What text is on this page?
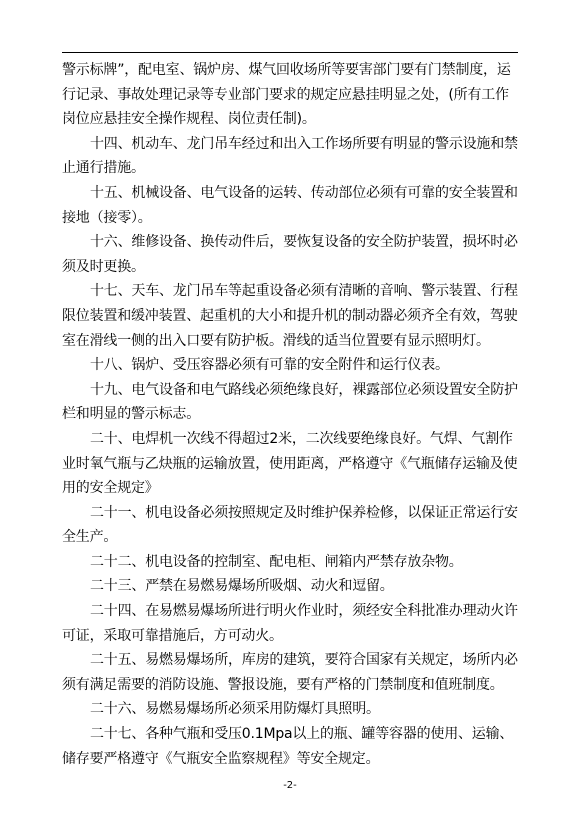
警示标牌”，配电室、锅炉房、煤气回收场所等要害部门要有门禁制度，运行记录、事故处理记录等专业部门要求的规定应悬挂明显之处，(所有工作岗位应悬挂安全操作规程、岗位责任制)。

十四、机动车、龙门吊车经过和出入工作场所要有明显的警示设施和禁止通行措施。

十五、机械设备、电气设备的运转、传动部位必须有可靠的安全装置和接地（接零）。

十六、维修设备、换传动件后，要恢复设备的安全防护装置，损坏时必须及时更换。

十七、天车、龙门吊车等起重设备必须有清晰的音响、警示装置、行程限位装置和缓冲装置、起重机的大小和提升机的制动器必须齐全有效，驾驶室在滑线一侧的出入口要有防护板。滑线的适当位置要有显示照明灯。

十八、锅炉、受压容器必须有可靠的安全附件和运行仪表。

十九、电气设备和电气路线必须绝缘良好，裸露部位必须设置安全防护栏和明显的警示标志。

二十、电焊机一次线不得超过2米，二次线要绝缘良好。气焊、气割作业时氧气瓶与乙炔瓶的运输放置，使用距离，严格遵守《气瓶储存运输及使用的安全规定》

二十一、机电设备必须按照规定及时维护保养检修，以保证正常运行安全生产。

二十二、机电设备的控制室、配电柜、闸箱内严禁存放杂物。

二十三、严禁在易燃易爆场所吸烟、动火和逗留。

二十四、在易燃易爆场所进行明火作业时，须经安全科批准办理动火许可证，采取可靠措施后，方可动火。

二十五、易燃易爆场所，库房的建筑，要符合国家有关规定，场所内必须有满足需要的消防设施、警报设施，要有严格的门禁制度和值班制度。

二十六、易燃易爆场所必须采用防爆灯具照明。

二十七、各种气瓶和受压0.1Mpa以上的瓶、罐等容器的使用、运输、储存要严格遵守《气瓶安全监察规程》等安全规定。

-2-
